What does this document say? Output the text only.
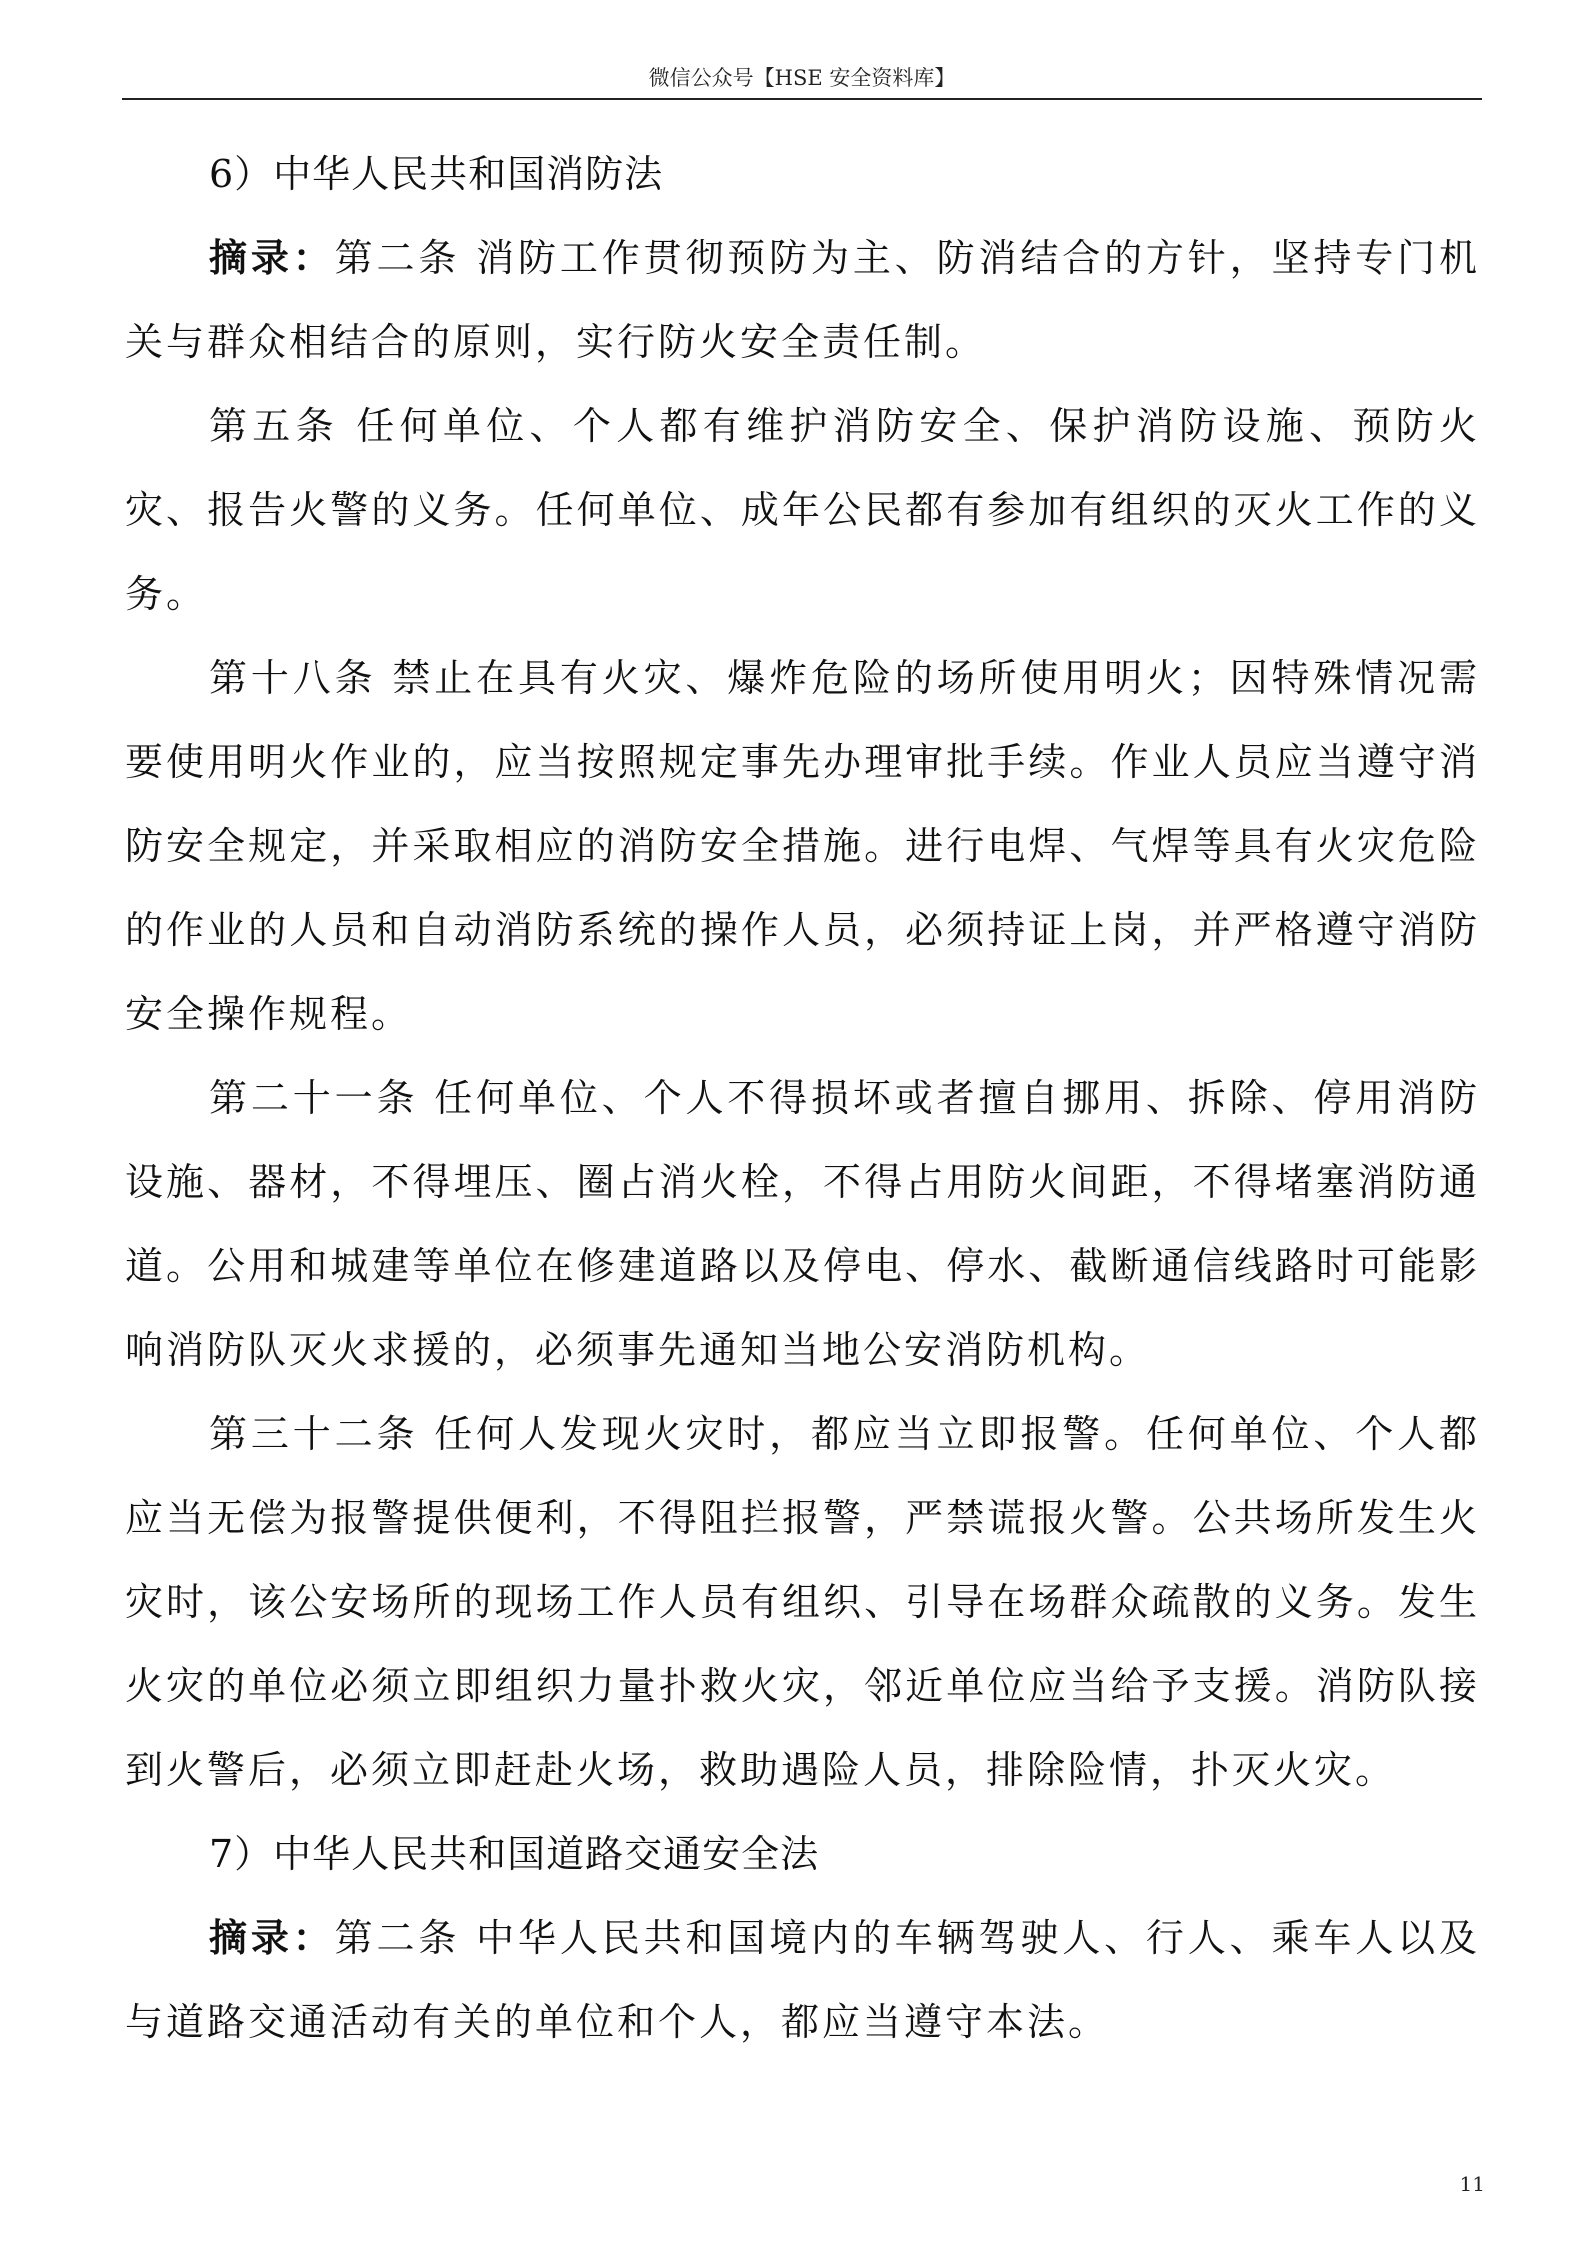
微信公众号【HSE 安全资料库】
6）中华人民共和国消防法

摘录：第二条 消防工作贯彻预防为主、防消结合的方针，坚持专门机关与群众相结合的原则，实行防火安全责任制。

第五条 任何单位、个人都有维护消防安全、保护消防设施、预防火灾、报告火警的义务。任何单位、成年公民都有参加有组织的灭火工作的义务。

第十八条 禁止在具有火灾、爆炸危险的场所使用明火；因特殊情况需要使用明火作业的，应当按照规定事先办理审批手续。作业人员应当遵守消防安全规定，并采取相应的消防安全措施。进行电焊、气焊等具有火灾危险的作业的人员和自动消防系统的操作人员，必须持证上岗，并严格遵守消防安全操作规程。

第二十一条 任何单位、个人不得损坏或者擅自挪用、拆除、停用消防设施、器材，不得埋压、圈占消火栓，不得占用防火间距，不得堵塞消防通道。公用和城建等单位在修建道路以及停电、停水、截断通信线路时可能影响消防队灭火求援的，必须事先通知当地公安消防机构。

第三十二条 任何人发现火灾时，都应当立即报警。任何单位、个人都应当无偿为报警提供便利，不得阻拦报警，严禁谎报火警。公共场所发生火灾时，该公安场所的现场工作人员有组织、引导在场群众疏散的义务。发生火灾的单位必须立即组织力量扑救火灾，邻近单位应当给予支援。消防队接到火警后，必须立即赶赴火场，救助遇险人员，排除险情，扑灭火灾。

7）中华人民共和国道路交通安全法

摘录：第二条 中华人民共和国境内的车辆驾驶人、行人、乘车人以及与道路交通活动有关的单位和个人，都应当遵守本法。

11
